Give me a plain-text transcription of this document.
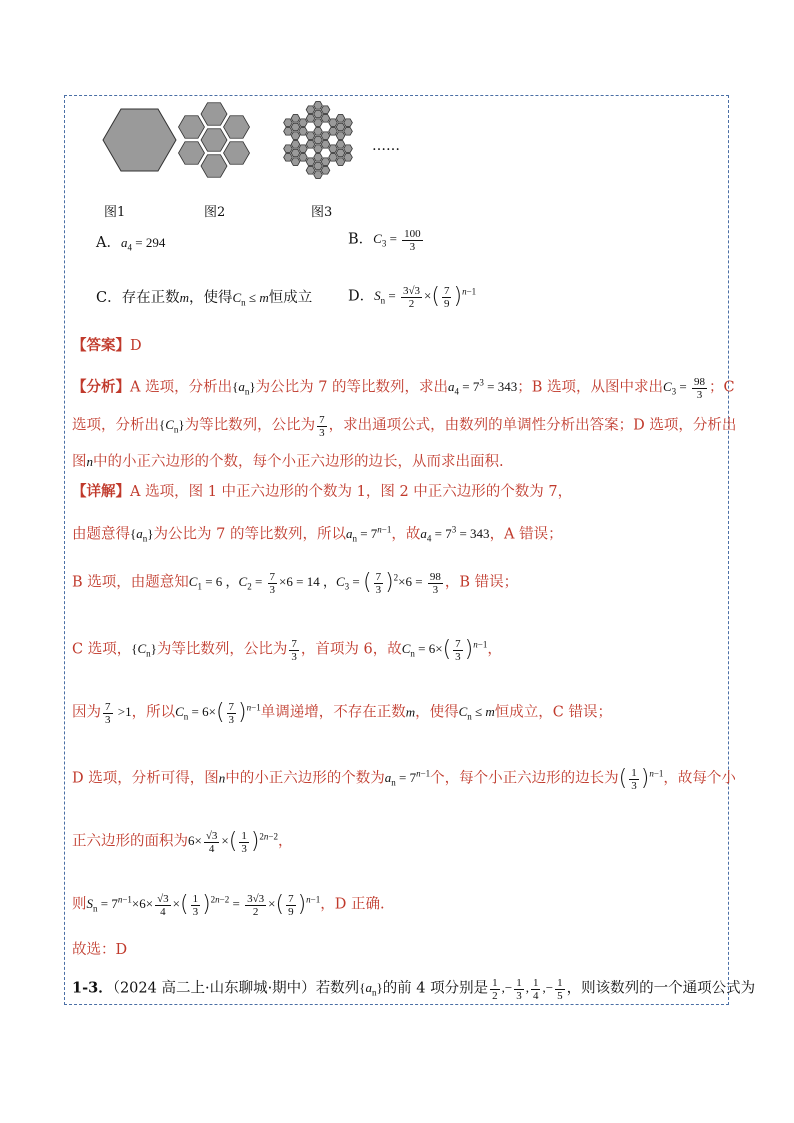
图1	图2	图3
……
A．$a_4 = 294$	B．$C_3 = \frac{100}{3}$
C．存在正数m，使得$C_n \le m$恒成立 D．$S_n = \frac{3√3}{2}$ ×( $\frac{7}{9} )^{n-1}$
【答案】D
【分析】A 选项，分析出$\{a_n\}$为公比为 7 的等比数列，求出$a_4 = 7^3 = 343$；B 选项，从图中求出$C_3 = \frac{98}{3}$ ；C
选项，分析出$\{C_n\}$为等比数列，公比为 $\frac{7}{3}$ ，求出通项公式，由数列的单调性分析出答案；D 选项，分析出
图n中的小正六边形的个数，每个小正六边形的边长，从而求出面积.
【详解】A 选项，图 1 中正六边形的个数为 1，图 2 中正六边形的个数为 7，
由题意得$\{a_n\}$为公比为 7 的等比数列，所以$a_n = 7^{n-1}$，故$a_4 = 7^3 = 343$，A 错误；
B 选项，由题意知$C_1 = 6$ ，$C_2 = \frac{7}{3} \times 6 = 14$ ，$C_3$ = ( $\frac{7}{3} )^2\times 6 = \frac{98}{3}$ ，B 错误；
C 选项，$\{C_n\}$为等比数列，公比为 $\frac{7}{3}$ ，首项为 6，故$C_n = 6\times( \frac{7}{3} )^{n-1}$，
因为 $\frac{7}{3} >1$，所以$C_n = 6\times( \frac{7}{3} )^{n-1}$单调递增，不存在正数m，使得$C_n \le m$恒成立，C 错误；
D 选项，分析可得，图n中的小正六边形的个数为$a_n = 7^{n-1}$个，每个小正六边形的边长为( $\frac{1}{3} )^{n-1}$，故每个小
正六边形的面积为$6\times \frac{√3}{4}$ ×( $\frac{1}{3} )^{2n-2}$，
则$S_n = 7^{n-1}\times 6\times \frac{√3}{4}$ ×( $\frac{1}{3} )^{2n-2} = \frac{3√3}{2}$ ×( $\frac{7}{9} )^{n-1}$，D 正确.
故选：D
1-3．（2024 高二上·山东聊城·期中）若数列$\{a_n\}$的前 4 项分别是 $\frac{1}{2}$ ,− $\frac{1}{3}$ , $\frac{1}{4}$ ,− $\frac{1}{5}$ ，则该数列的一个通项公式为
